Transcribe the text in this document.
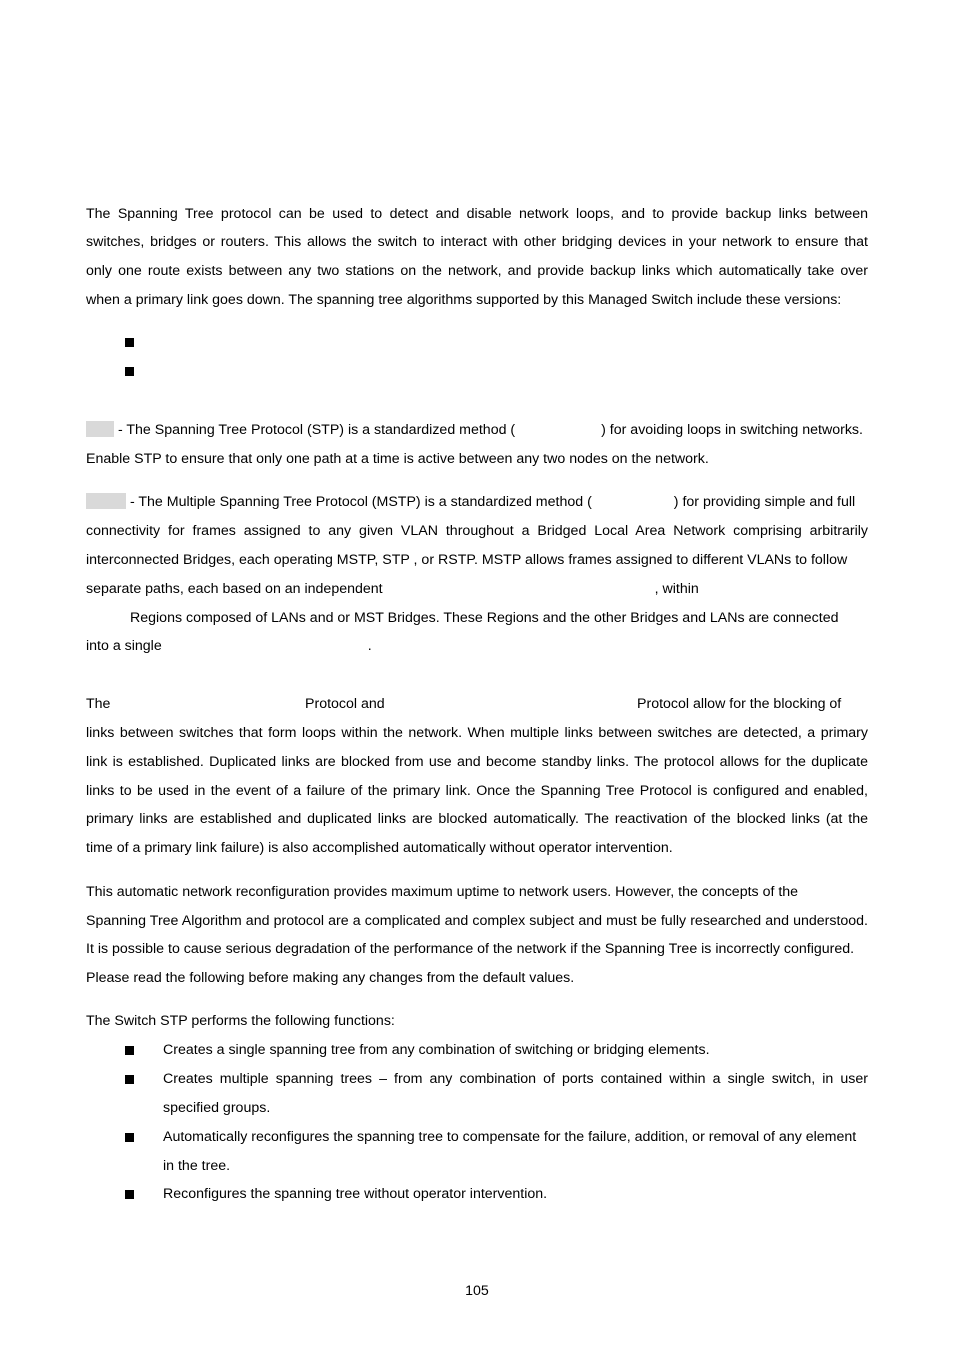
The Spanning Tree protocol can be used to detect and disable network loops, and to provide backup links between
switches, bridges or routers. This allows the switch to interact with other bridging devices in your network to ensure that
only one route exists between any two stations on the network, and provide backup links which automatically take over
when a primary link goes down. The spanning tree algorithms supported by this Managed Switch include these versions:
- The Spanning Tree Protocol (STP) is a standardized method (	) for avoiding loops in switching networks.
Enable STP to ensure that only one path at a time is active between any two nodes on the network.
- The Multiple Spanning Tree Protocol (MSTP) is a standardized method (	) for providing simple and full
connectivity for frames assigned to any given VLAN throughout a Bridged Local Area Network comprising arbitrarily
interconnected Bridges, each operating MSTP, STP , or RSTP. MSTP allows frames assigned to different VLANs to follow
separate paths, each based on an independent	, within
Regions composed of LANs and or MST Bridges. These Regions and the other Bridges and LANs are connected
into a single	.
The	Protocol and	Protocol allow for the blocking of
links between switches that form loops within the network. When multiple links between switches are detected, a primary
link is established. Duplicated links are blocked from use and become standby links. The protocol allows for the duplicate
links to be used in the event of a failure of the primary link. Once the Spanning Tree Protocol is configured and enabled,
primary links are established and duplicated links are blocked automatically. The reactivation of the blocked links (at the
time of a primary link failure) is also accomplished automatically without operator intervention.
This automatic network reconfiguration provides maximum uptime to network users. However, the concepts of the
Spanning Tree Algorithm and protocol are a complicated and complex subject and must be fully researched and understood.
It is possible to cause serious degradation of the performance of the network if the Spanning Tree is incorrectly configured.
Please read the following before making any changes from the default values.
The Switch STP performs the following functions:
Creates a single spanning tree from any combination of switching or bridging elements.
Creates multiple spanning trees – from any combination of ports contained within a single switch, in user
specified groups.
Automatically reconfigures the spanning tree to compensate for the failure, addition, or removal of any element
in the tree.
Reconfigures the spanning tree without operator intervention.
105
